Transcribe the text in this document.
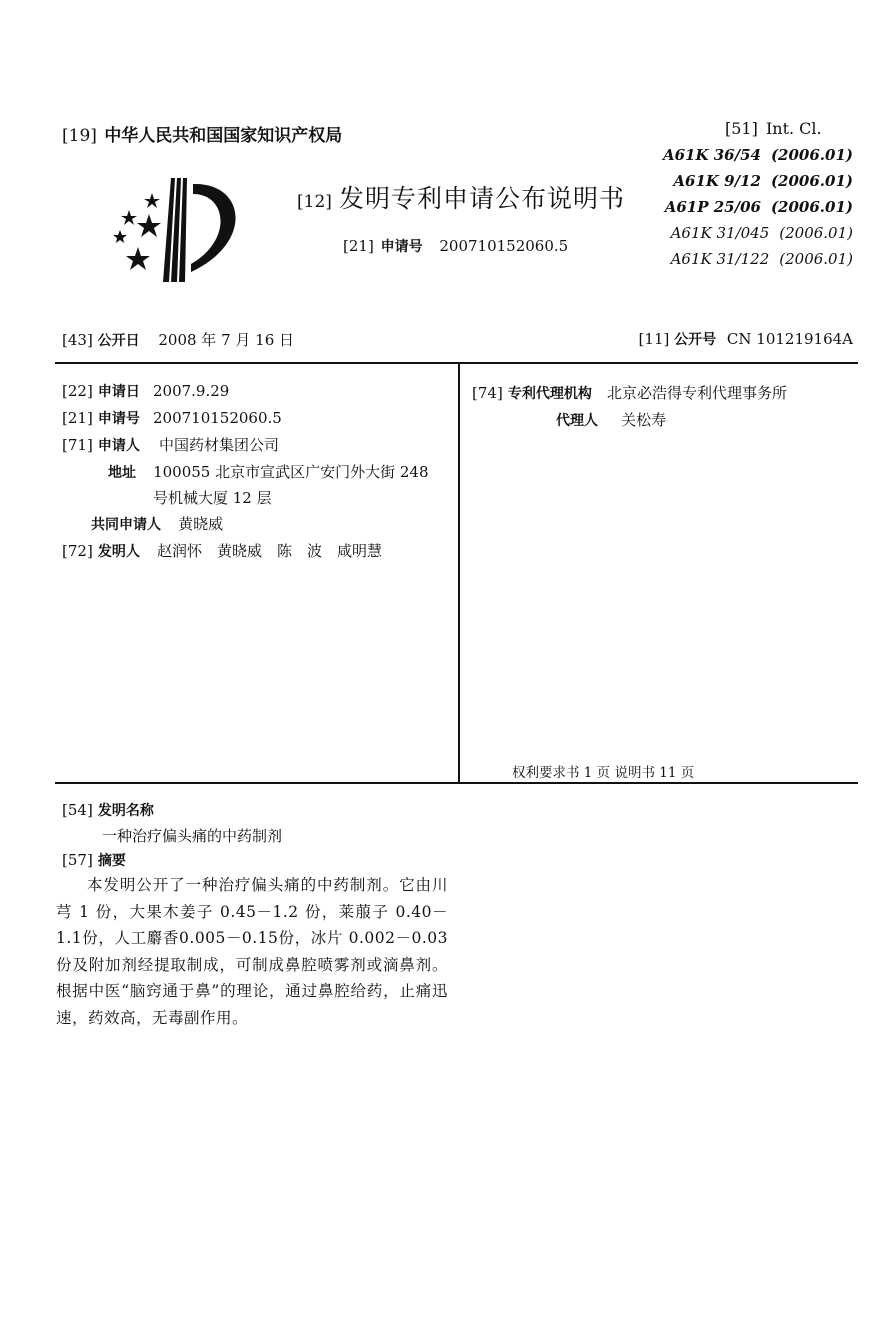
[19] 中华人民共和国国家知识产权局
[12] 发明专利申请公布说明书
[21] 申请号 200710152060.5
[51] Int. Cl.
A61K 36/54 (2006.01)
A61K 9/12 (2006.01)
A61P 25/06 (2006.01)
A61K 31/045 (2006.01)
A61K 31/122 (2006.01)
[43] 公开日 2008 年 7 月 16 日	[11] 公开号 CN 101219164A
[22] 申请日 2007.9.29
[21] 申请号 200710152060.5
[71] 申请人 中国药材集团公司
地址 100055 北京市宣武区广安门外大街 248
号机械大厦 12 层
共同申请人 黄晓威
[72] 发明人 赵润怀　黄晓威　陈　波　咸明慧
[74] 专利代理机构 北京必浩得专利代理事务所
代理人 关松寿
权利要求书 1 页 说明书 11 页
[54] 发明名称
一种治疗偏头痛的中药制剂
[57] 摘要

本发明公开了一种治疗偏头痛的中药制剂。它由川芎 1 份，大果木姜子 0.45－1.2 份，莱菔子 0.40－1.1份，人工麝香0.005－0.15份，冰片 0.002－0.03 份及附加剂经提取制成，可制成鼻腔喷雾剂或滴鼻剂。根据中医“脑窍通于鼻”的理论，通过鼻腔给药，止痛迅速，药效高，无毒副作用。
